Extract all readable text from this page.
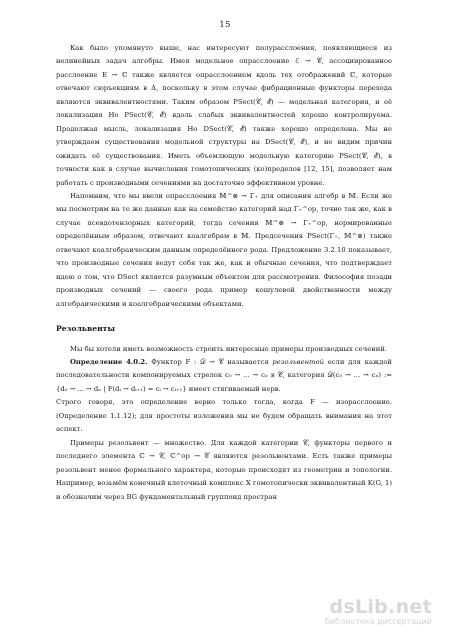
15

Как было упомянуто выше, нас интересуют полурасслоения, появляющиеся из нелинейных задач алгебры. Имея модельное опрасслоение ℰ → 𝒞, ассоциированное расслоение E → ℂ также является опрасслоением вдоль тех отображений ℂ, которые отвечают сюръекциям в Δ, поскольку в этом случае фибрационные функторы перехода являются эквивалентностями. Таким образом PSect(𝒞, ℰ) — модельная категория, и её локализация Ho PSect(𝒞, ℰ) вдоль слабых эквивалентностей хорошо контролируема. Продолжая мысль, локализация Ho DSect(𝒞, ℰ) также хорошо определена. Мы не утверждаем существования модельной структуры на DSect(𝒞, ℰ), и не видим причин ожидать её существования. Иметь объемлющую модельную категорию PSect(𝒞, ℰ), в точности как в случае вычисления гомотопических (ко)пределов [12, 15], позволяет нам работать с производными сечениями на достаточно эффективном уровне.

Напомним, что мы ввели опрасслоения 𝕄^⊗ → Γ₊ для описания алгебр в 𝕄. Если же мы посмотрим на те же данные как на семейство категорий над Γ₊^op, точно так же, как в случае псевдотензорных категорий, тогда сечения 𝕄^⊗ → Γ₊^op, нормированные определённым образом, отвечают коалгебрам в 𝕄. Предсечения PSect(Γ₊, 𝕄^⊗) также отвечают коалгебраическим данным определённого рода. Предложение 3.2.10 показывает, что производные сечения ведут себя так же, как и обычные сечения, что подтверждает идею о том, что DSect является разумным объектом для рассмотрения. Философия позади производных сечений — своего рода пример кошулевой двойственности между алгебраическими и коалгебраическими объектами.

Резольвенты

Мы бы хотели иметь возможность строить интересные примеры производных сечений.

Определение 4.0.2. Функтор F : 𝒟 → 𝒞 называется резольвентой если для каждой последовательности компонируемых стрелок c₀ → ... → cₙ в 𝒞, категория 𝒟(c₀ → ... → cₙ) := {d₀ → ... → dₙ | F(dᵢ → dᵢ₊₁) = cᵢ → cᵢ₊₁} имеет стягиваемый нерв.

Строго говоря, это определение верно только тогда, когда F — изорасслоение. (Определение 1.1.12); для простоты изложения мы не будем обращать внимания на этот аспект.

Примеры резольвент — множество. Для каждой категории 𝒞, функторы первого и последнего элемента ℂ → 𝒞, ℂ^op → 𝒞 являются резольвентами. Есть также примеры резольвент менее формального характера, которые происходят из геометрии и топологии. Например, возьмём конечный клеточный комплекс X гомотопически эквивалентный K(G, 1) и обозначим через BG фундаментальный группоид простран

dsLib.net
библиотека диссертаций
